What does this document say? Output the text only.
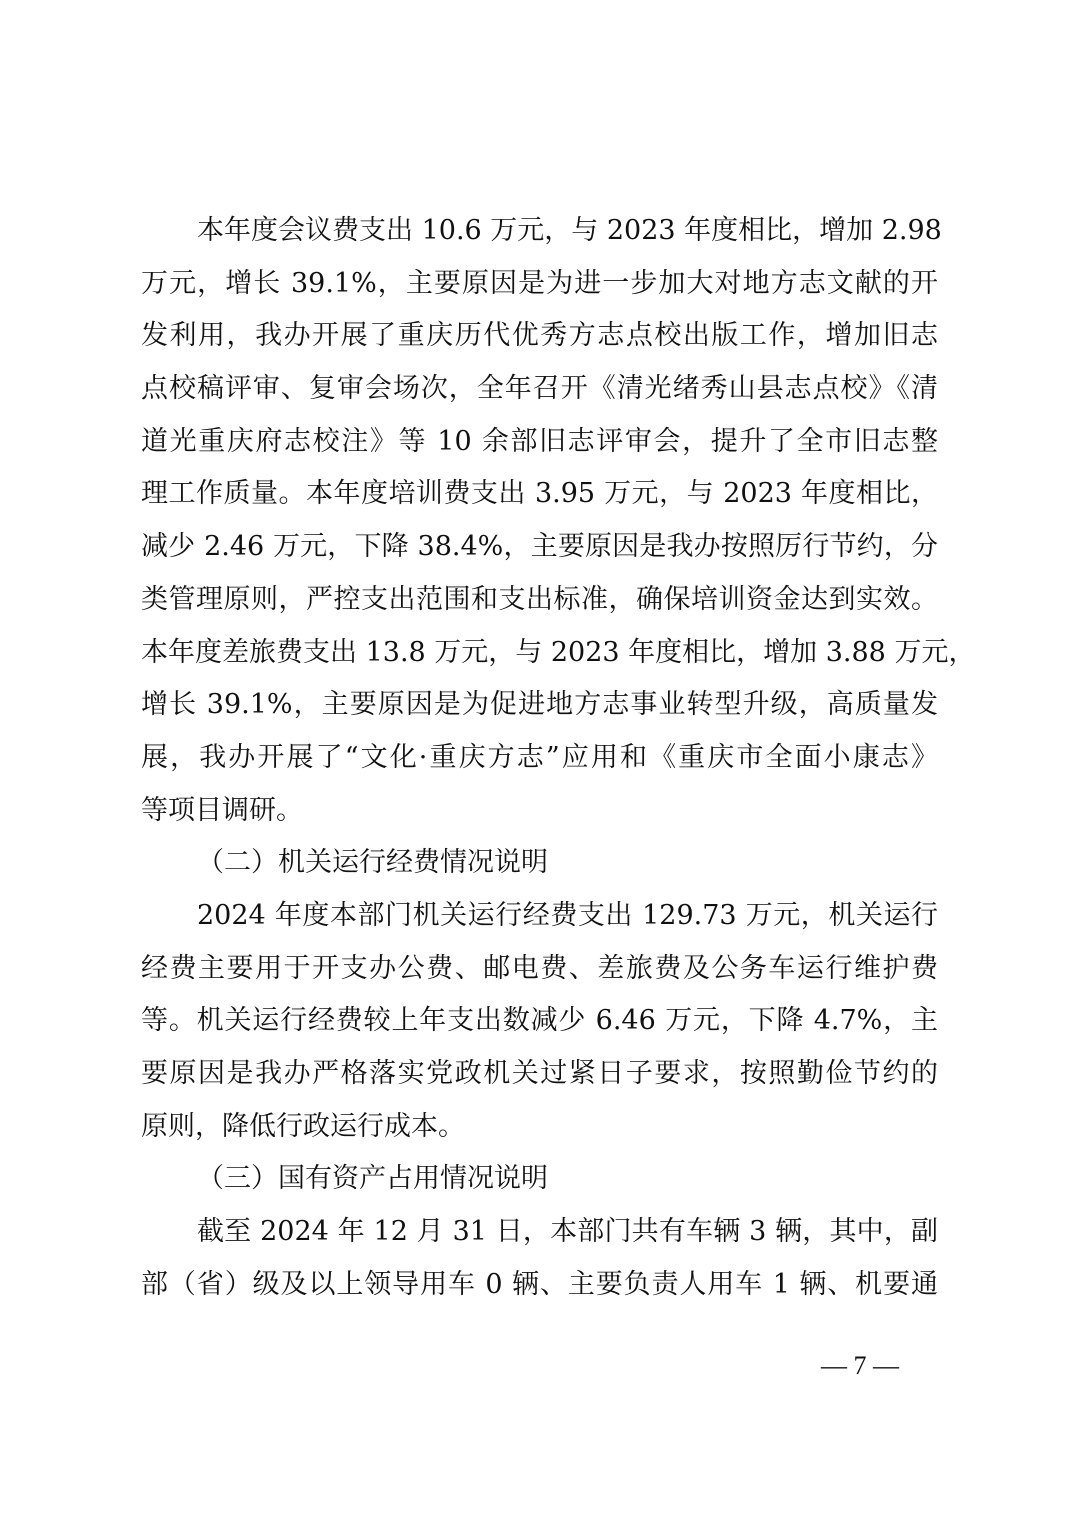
本年度会议费支出 10.6 万元，与 2023 年度相比，增加 2.98
万元，增长 39.1%，主要原因是为进一步加大对地方志文献的开
发利用，我办开展了重庆历代优秀方志点校出版工作，增加旧志
点校稿评审、复审会场次，全年召开《清光绪秀山县志点校》《清
道光重庆府志校注》等 10 余部旧志评审会，提升了全市旧志整
理工作质量。本年度培训费支出 3.95 万元，与 2023 年度相比，
减少 2.46 万元，下降 38.4%，主要原因是我办按照厉行节约，分
类管理原则，严控支出范围和支出标准，确保培训资金达到实效。
本年度差旅费支出 13.8 万元，与 2023 年度相比，增加 3.88 万元，
增长 39.1%，主要原因是为促进地方志事业转型升级，高质量发
展，我办开展了“文化·重庆方志”应用和《重庆市全面小康志》
等项目调研。
（二）机关运行经费情况说明
2024 年度本部门机关运行经费支出 129.73 万元，机关运行
经费主要用于开支办公费、邮电费、差旅费及公务车运行维护费
等。机关运行经费较上年支出数减少 6.46 万元，下降 4.7%，主
要原因是我办严格落实党政机关过紧日子要求，按照勤俭节约的
原则，降低行政运行成本。
（三）国有资产占用情况说明
截至 2024 年 12 月 31 日，本部门共有车辆 3 辆，其中，副
部（省）级及以上领导用车 0 辆、主要负责人用车 1 辆、机要通
— 7 —
